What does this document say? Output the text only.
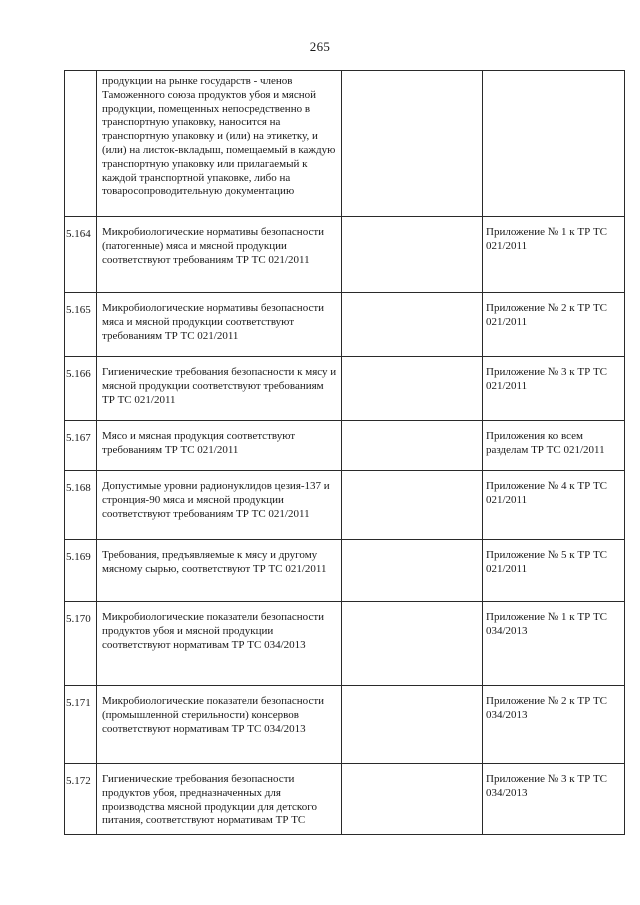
265

	продукции на рынке государств - членов Таможенного союза продуктов убоя и мясной продукции, помещенных непосредственно в транспортную упаковку, наносится на транспортную упаковку и (или) на этикетку, и (или) на листок-вкладыш, помещаемый в каждую транспортную упаковку или прилагаемый к каждой транспортной упаковке, либо на товаросопроводительную документацию		

5.164	Микробиологические нормативы безопасности (патогенные) мяса и мясной продукции соответствуют требованиям ТР ТС 021/2011		Приложение № 1 к ТР ТС 021/2011

5.165	Микробиологические нормативы безопасности мяса и мясной продукции соответствуют требованиям ТР ТС 021/2011		Приложение № 2 к ТР ТС 021/2011

5.166	Гигиенические требования безопасности к мясу и мясной продукции соответствуют требованиям ТР ТС 021/2011		Приложение № 3 к ТР ТС 021/2011

5.167	Мясо и мясная продукция соответствуют требованиям ТР ТС 021/2011		Приложения ко всем разделам ТР ТС 021/2011

5.168	Допустимые уровни радионуклидов цезия-137 и стронция-90 мяса и мясной продукции соответствуют требованиям ТР ТС 021/2011		Приложение № 4 к ТР ТС 021/2011

5.169	Требования, предъявляемые к мясу и другому мясному сырью, соответствуют ТР ТС 021/2011		Приложение № 5 к ТР ТС 021/2011

5.170	Микробиологические показатели безопасности продуктов убоя и мясной продукции соответствуют нормативам ТР ТС 034/2013		Приложение № 1 к ТР ТС 034/2013

5.171	Микробиологические показатели безопасности (промышленной стерильности) консервов соответствуют нормативам ТР ТС 034/2013		Приложение № 2 к ТР ТС 034/2013

5.172	Гигиенические требования безопасности продуктов убоя, предназначенных для производства мясной продукции для детского питания, соответствуют нормативам ТР ТС		Приложение № 3 к ТР ТС 034/2013
